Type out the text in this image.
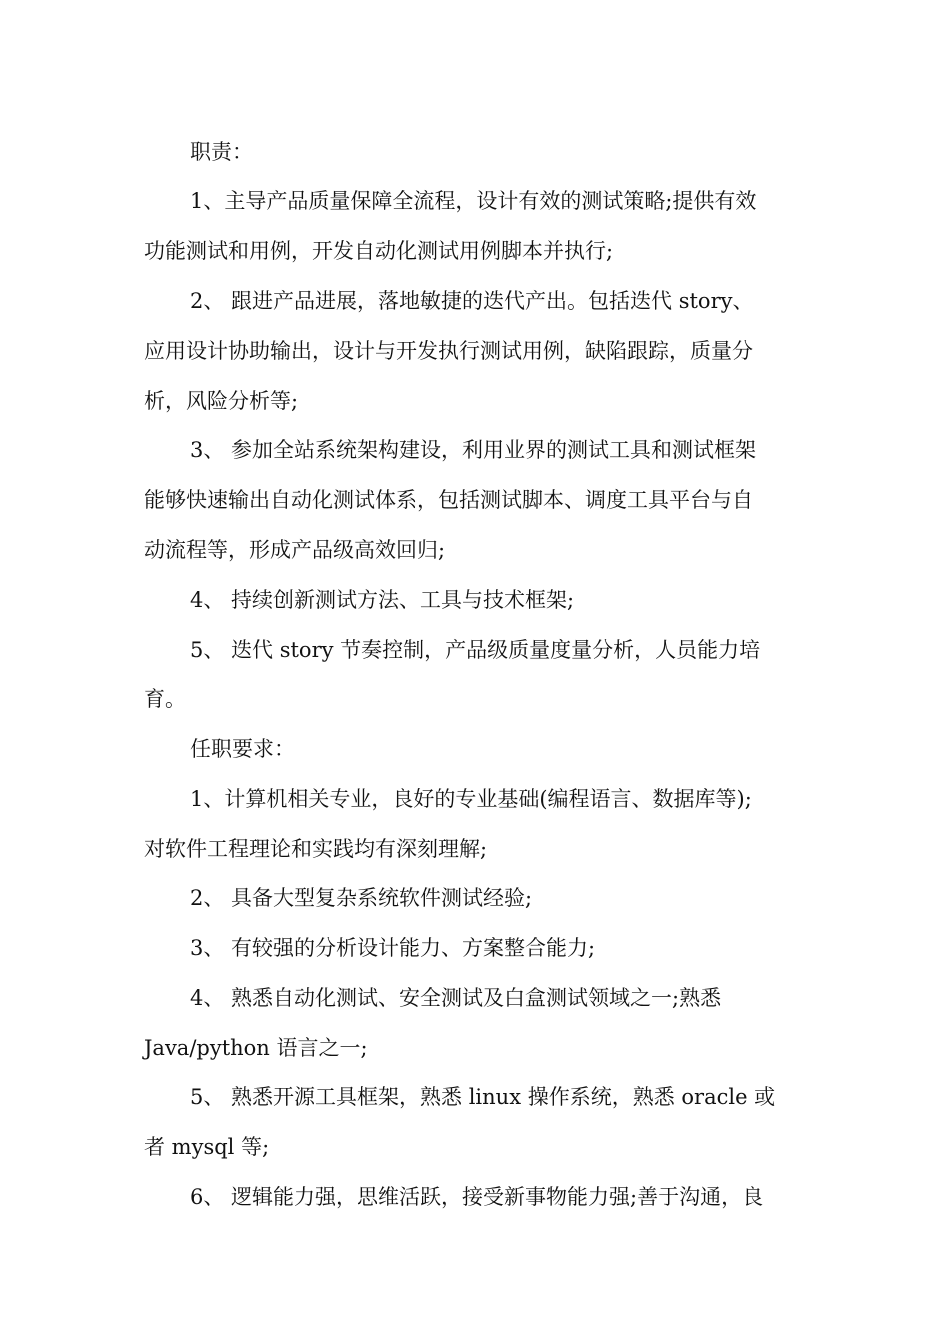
职责：
1、主导产品质量保障全流程，设计有效的测试策略;提供有效
功能测试和用例，开发自动化测试用例脚本并执行;
2、 跟进产品进展，落地敏捷的迭代产出。包括迭代 story、
应用设计协助输出，设计与开发执行测试用例，缺陷跟踪，质量分
析，风险分析等;
3、 参加全站系统架构建设，利用业界的测试工具和测试框架
能够快速输出自动化测试体系，包括测试脚本、调度工具平台与自
动流程等，形成产品级高效回归;
4、 持续创新测试方法、工具与技术框架;
5、 迭代 story 节奏控制，产品级质量度量分析，人员能力培
育。
任职要求：
1、计算机相关专业，良好的专业基础(编程语言、数据库等);
对软件工程理论和实践均有深刻理解;
2、 具备大型复杂系统软件测试经验;
3、 有较强的分析设计能力、方案整合能力;
4、 熟悉自动化测试、安全测试及白盒测试领域之一;熟悉
Java/python 语言之一;
5、 熟悉开源工具框架，熟悉 linux 操作系统，熟悉 oracle 或
者 mysql 等;
6、 逻辑能力强，思维活跃，接受新事物能力强;善于沟通，良
